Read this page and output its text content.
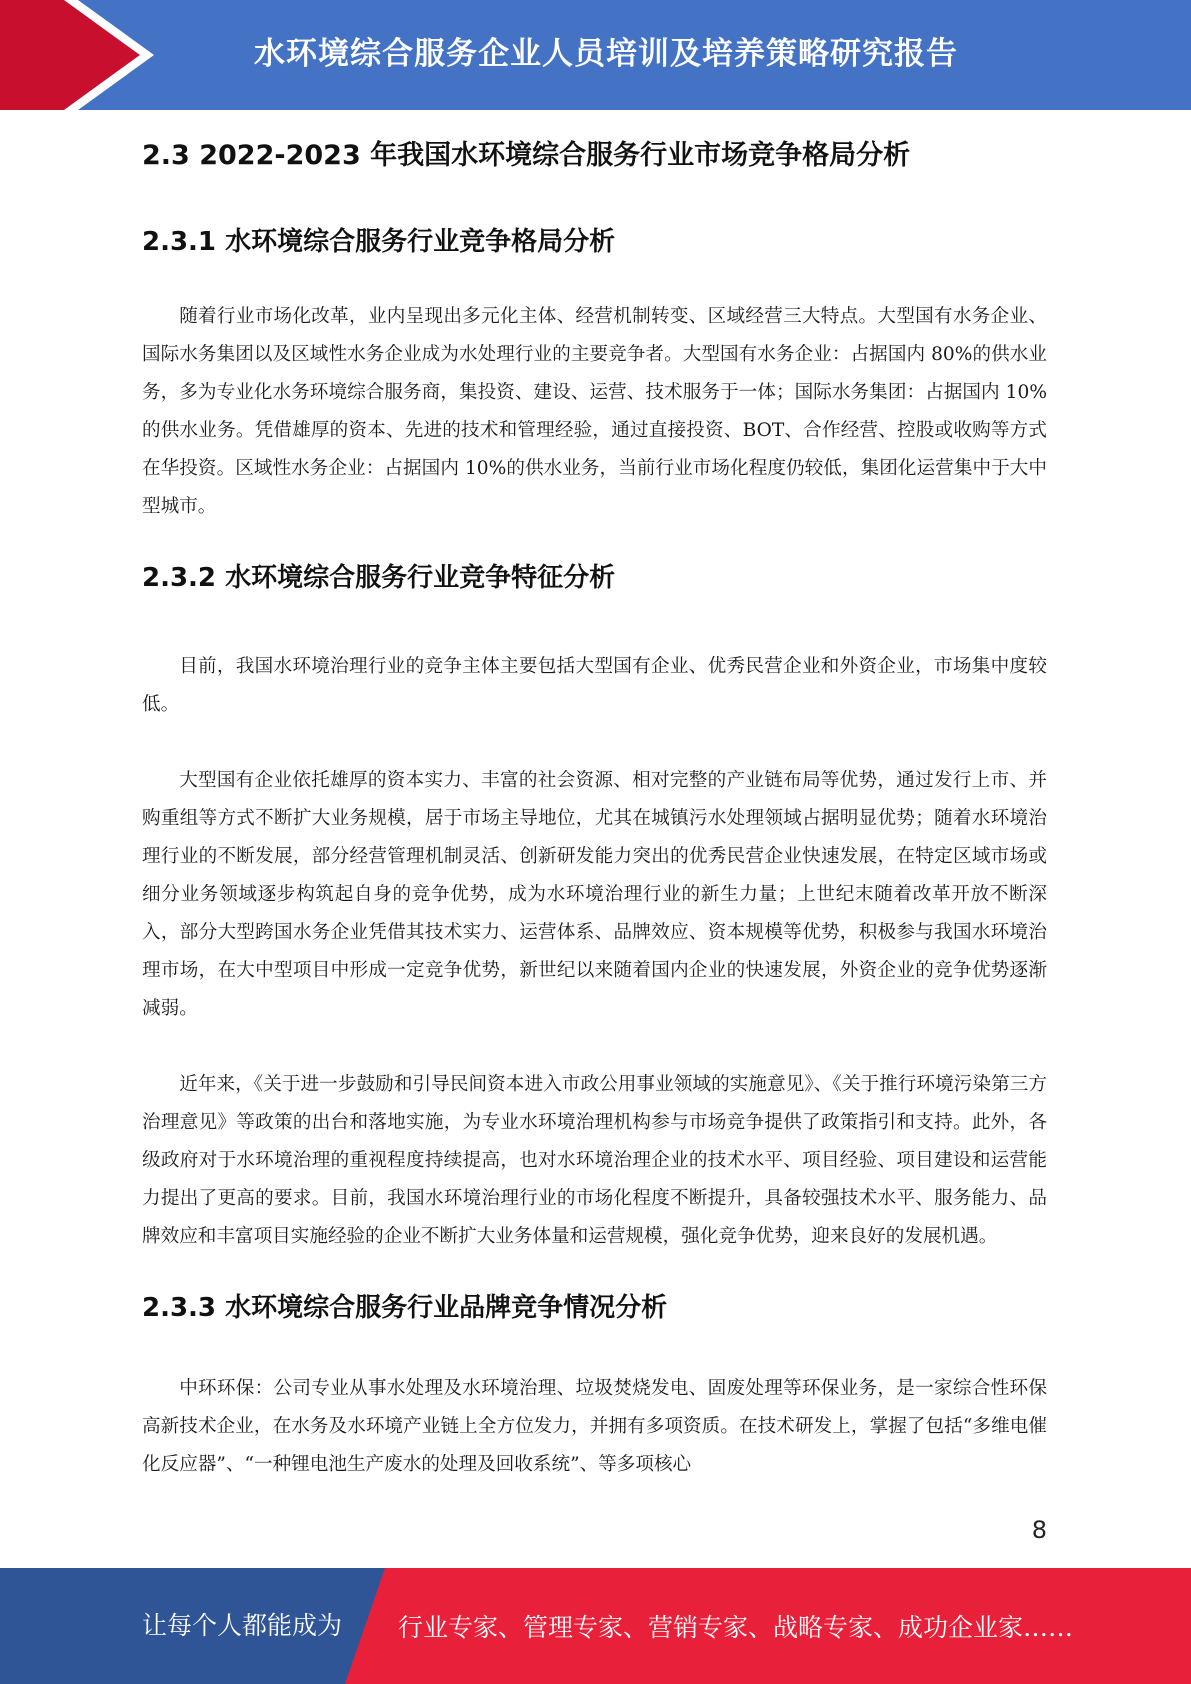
水环境综合服务企业人员培训及培养策略研究报告
2.3 2022-2023 年我国水环境综合服务行业市场竞争格局分析
2.3.1 水环境综合服务行业竞争格局分析

随着行业市场化改革，业内呈现出多元化主体、经营机制转变、区域经营三大特点。大型国有水务企业、国际水务集团以及区域性水务企业成为水处理行业的主要竞争者。大型国有水务企业：占据国内 80%的供水业务，多为专业化水务环境综合服务商，集投资、建设、运营、技术服务于一体；国际水务集团：占据国内 10%的供水业务。凭借雄厚的资本、先进的技术和管理经验，通过直接投资、BOT、合作经营、控股或收购等方式在华投资。区域性水务企业：占据国内 10%的供水业务，当前行业市场化程度仍较低，集团化运营集中于大中型城市。

2.3.2 水环境综合服务行业竞争特征分析

目前，我国水环境治理行业的竞争主体主要包括大型国有企业、优秀民营企业和外资企业，市场集中度较低。

大型国有企业依托雄厚的资本实力、丰富的社会资源、相对完整的产业链布局等优势，通过发行上市、并购重组等方式不断扩大业务规模，居于市场主导地位，尤其在城镇污水处理领域占据明显优势；随着水环境治理行业的不断发展，部分经营管理机制灵活、创新研发能力突出的优秀民营企业快速发展，在特定区域市场或细分业务领域逐步构筑起自身的竞争优势，成为水环境治理行业的新生力量；上世纪末随着改革开放不断深入，部分大型跨国水务企业凭借其技术实力、运营体系、品牌效应、资本规模等优势，积极参与我国水环境治理市场，在大中型项目中形成一定竞争优势，新世纪以来随着国内企业的快速发展，外资企业的竞争优势逐渐减弱。

近年来，《关于进一步鼓励和引导民间资本进入市政公用事业领域的实施意见》、《关于推行环境污染第三方治理意见》等政策的出台和落地实施，为专业水环境治理机构参与市场竞争提供了政策指引和支持。此外，各级政府对于水环境治理的重视程度持续提高，也对水环境治理企业的技术水平、项目经验、项目建设和运营能力提出了更高的要求。目前，我国水环境治理行业的市场化程度不断提升，具备较强技术水平、服务能力、品牌效应和丰富项目实施经验的企业不断扩大业务体量和运营规模，强化竞争优势，迎来良好的发展机遇。

2.3.3 水环境综合服务行业品牌竞争情况分析

中环环保：公司专业从事水处理及水环境治理、垃圾焚烧发电、固废处理等环保业务，是一家综合性环保高新技术企业，在水务及水环境产业链上全方位发力，并拥有多项资质。在技术研发上，掌握了包括“多维电催化反应器”、“一种锂电池生产废水的处理及回收系统”、等多项核心

8
让每个人都能成为 行业专家、管理专家、营销专家、战略专家、成功企业家……
